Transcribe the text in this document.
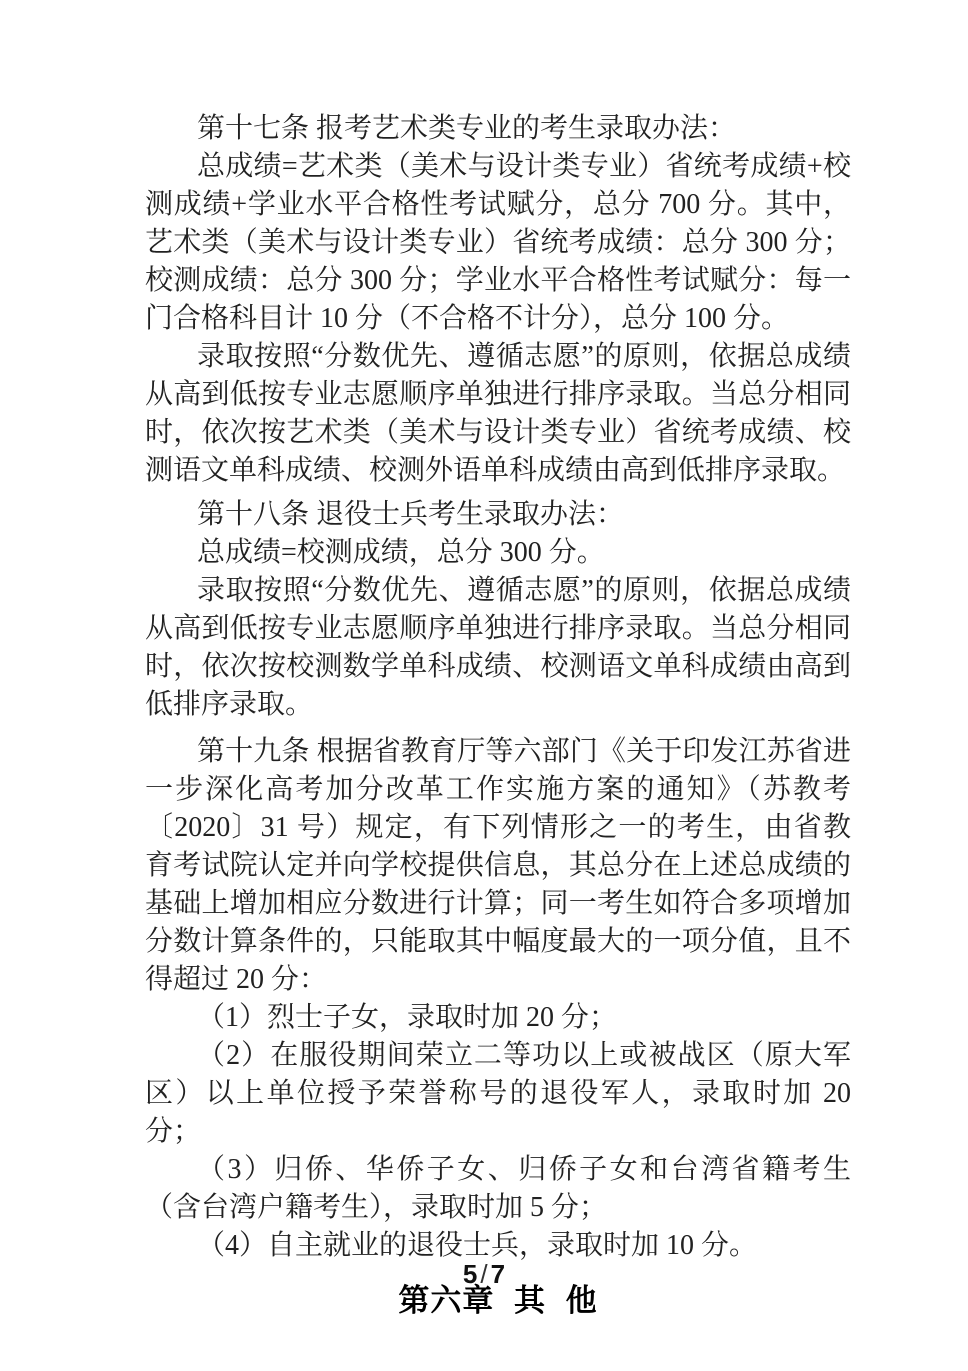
第十七条 报考艺术类专业的考生录取办法：

总成绩=艺术类（美术与设计类专业）省统考成绩+校测成绩+学业水平合格性考试赋分，总分 700 分。其中，艺术类（美术与设计类专业）省统考成绩：总分 300 分；校测成绩：总分 300 分；学业水平合格性考试赋分：每一门合格科目计 10 分（不合格不计分），总分 100 分。

录取按照“分数优先、遵循志愿”的原则，依据总成绩从高到低按专业志愿顺序单独进行排序录取。当总分相同时，依次按艺术类（美术与设计类专业）省统考成绩、校测语文单科成绩、校测外语单科成绩由高到低排序录取。

第十八条 退役士兵考生录取办法：

总成绩=校测成绩，总分 300 分。

录取按照“分数优先、遵循志愿”的原则，依据总成绩从高到低按专业志愿顺序单独进行排序录取。当总分相同时，依次按校测数学单科成绩、校测语文单科成绩由高到低排序录取。

第十九条 根据省教育厅等六部门《关于印发江苏省进一步深化高考加分改革工作实施方案的通知》（苏教考〔2020〕31 号）规定，有下列情形之一的考生，由省教育考试院认定并向学校提供信息，其总分在上述总成绩的基础上增加相应分数进行计算；同一考生如符合多项增加分数计算条件的，只能取其中幅度最大的一项分值，且不得超过 20 分：

（1）烈士子女，录取时加 20 分；

（2）在服役期间荣立二等功以上或被战区（原大军区）以上单位授予荣誉称号的退役军人，录取时加 20 分；

（3）归侨、华侨子女、归侨子女和台湾省籍考生（含台湾户籍考生），录取时加 5 分；

（4）自主就业的退役士兵，录取时加 10 分。

第六章 其 他
5 / 7
